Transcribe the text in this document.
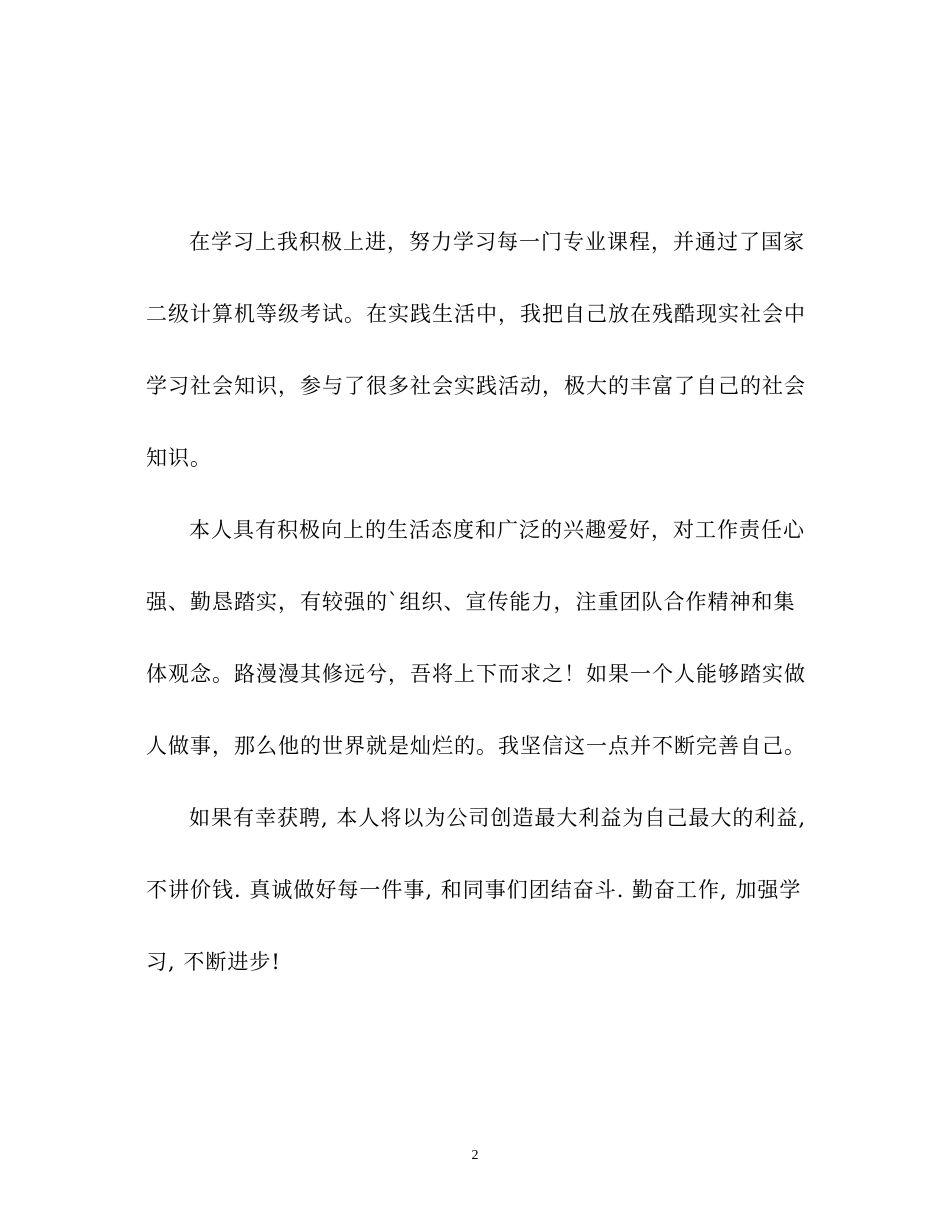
在学习上我积极上进，努力学习每一门专业课程，并通过了国家
二级计算机等级考试。在实践生活中，我把自己放在残酷现实社会中
学习社会知识，参与了很多社会实践活动，极大的丰富了自己的社会
知识。
本人具有积极向上的生活态度和广泛的兴趣爱好，对工作责任心
强、勤恳踏实，有较强的`组织、宣传能力，注重团队合作精神和集
体观念。路漫漫其修远兮，吾将上下而求之！如果一个人能够踏实做
人做事，那么他的世界就是灿烂的。我坚信这一点并不断完善自己。
如果有幸获聘, 本人将以为公司创造最大利益为自己最大的利益,
不讲价钱. 真诚做好每一件事, 和同事们团结奋斗. 勤奋工作, 加强学
习, 不断进步!
2
